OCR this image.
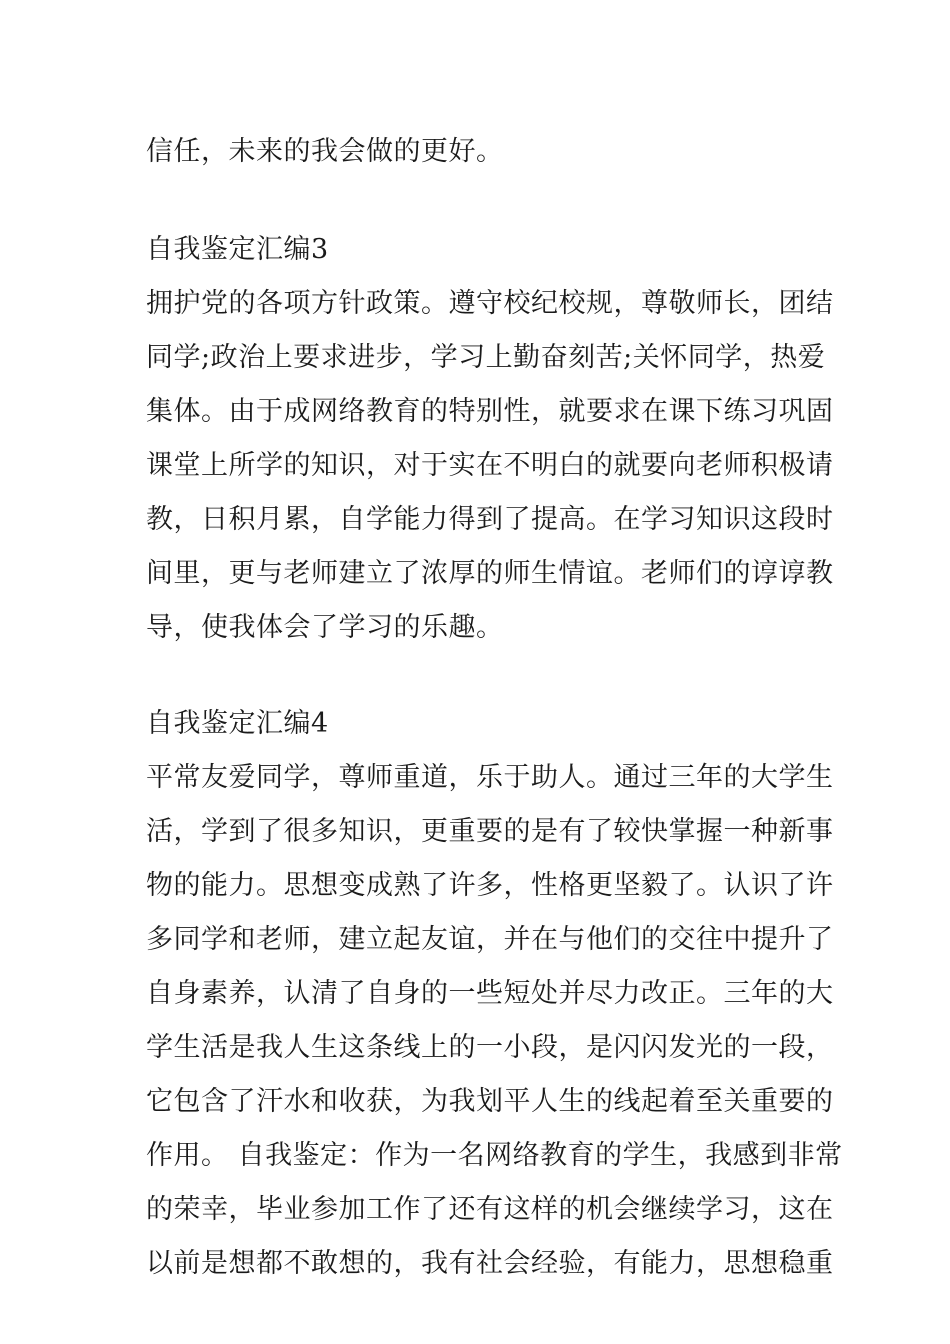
信任，未来的我会做的更好。
自我鉴定汇编3
拥护党的各项方针政策。遵守校纪校规，尊敬师长，团结
同学;政治上要求进步，学习上勤奋刻苦;关怀同学，热爱
集体。由于成网络教育的特别性，就要求在课下练习巩固
课堂上所学的知识，对于实在不明白的就要向老师积极请
教，日积月累，自学能力得到了提高。在学习知识这段时
间里，更与老师建立了浓厚的师生情谊。老师们的谆谆教
导，使我体会了学习的乐趣。
自我鉴定汇编4
平常友爱同学，尊师重道，乐于助人。通过三年的大学生
活，学到了很多知识，更重要的是有了较快掌握一种新事
物的能力。思想变成熟了许多，性格更坚毅了。认识了许
多同学和老师，建立起友谊，并在与他们的交往中提升了
自身素养，认清了自身的一些短处并尽力改正。三年的大
学生活是我人生这条线上的一小段，是闪闪发光的一段，
它包含了汗水和收获，为我划平人生的线起着至关重要的
作用。 自我鉴定：作为一名网络教育的学生，我感到非常
的荣幸，毕业参加工作了还有这样的机会继续学习，这在
以前是想都不敢想的，我有社会经验，有能力，思想稳重
